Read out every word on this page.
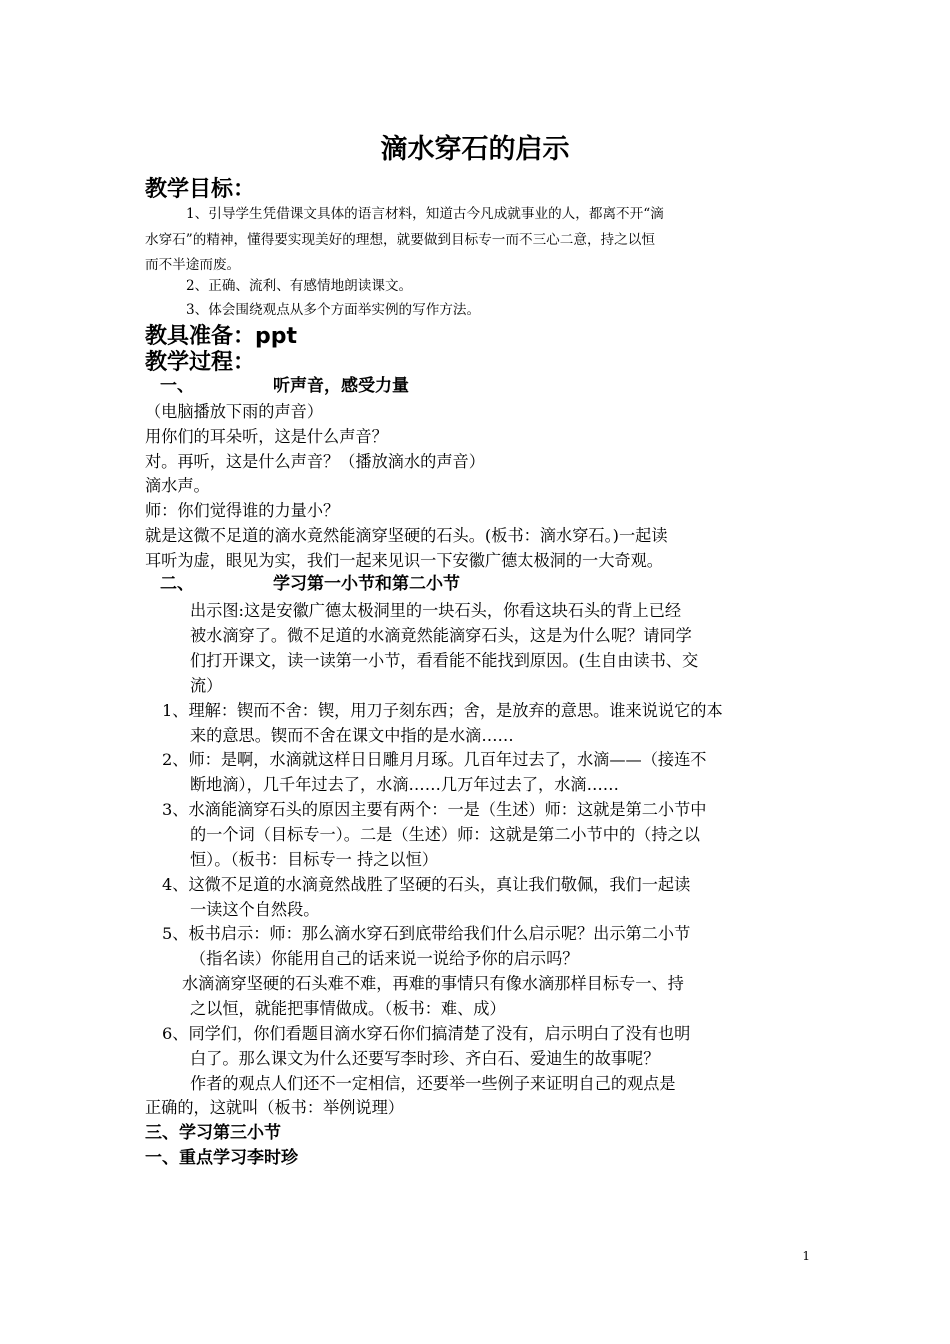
滴水穿石的启示
教学目标：
1、引导学生凭借课文具体的语言材料，知道古今凡成就事业的人，都离不开“滴
水穿石”的精神，懂得要实现美好的理想，就要做到目标专一而不三心二意，持之以恒
而不半途而废。
2、正确、流利、有感情地朗读课文。
3、体会围绕观点从多个方面举实例的写作方法。
教具准备：ppt
教学过程：
一、	听声音，感受力量
（电脑播放下雨的声音）
用你们的耳朵听，这是什么声音？
对。再听，这是什么声音？（播放滴水的声音）
滴水声。
师：你们觉得谁的力量小？
就是这微不足道的滴水竟然能滴穿坚硬的石头。(板书：滴水穿石。)一起读
耳听为虚，眼见为实，我们一起来见识一下安徽广德太极洞的一大奇观。
二、	学习第一小节和第二小节
出示图:这是安徽广德太极洞里的一块石头，你看这块石头的背上已经
被水滴穿了。微不足道的水滴竟然能滴穿石头，这是为什么呢？请同学
们打开课文，读一读第一小节，看看能不能找到原因。(生自由读书、交
流）
1、理解：锲而不舍：锲，用刀子刻东西；舍，是放弃的意思。谁来说说它的本
来的意思。锲而不舍在课文中指的是水滴……
2、师：是啊，水滴就这样日日雕月月琢。几百年过去了，水滴——（接连不
断地滴），几千年过去了，水滴……几万年过去了，水滴……
3、水滴能滴穿石头的原因主要有两个：一是（生述）师：这就是第二小节中
的一个词（目标专一）。二是（生述）师：这就是第二小节中的（持之以
恒）。（板书：目标专一 持之以恒）
4、这微不足道的水滴竟然战胜了坚硬的石头，真让我们敬佩，我们一起读
一读这个自然段。
5、板书启示：师：那么滴水穿石到底带给我们什么启示呢？出示第二小节
（指名读）你能用自己的话来说一说给予你的启示吗？
水滴滴穿坚硬的石头难不难，再难的事情只有像水滴那样目标专一、持
之以恒，就能把事情做成。（板书：难、成）
6、同学们，你们看题目滴水穿石你们搞清楚了没有，启示明白了没有也明
白了。那么课文为什么还要写李时珍、齐白石、爱迪生的故事呢？
作者的观点人们还不一定相信，还要举一些例子来证明自己的观点是
正确的，这就叫（板书：举例说理）
三、学习第三小节
一、重点学习李时珍
1
